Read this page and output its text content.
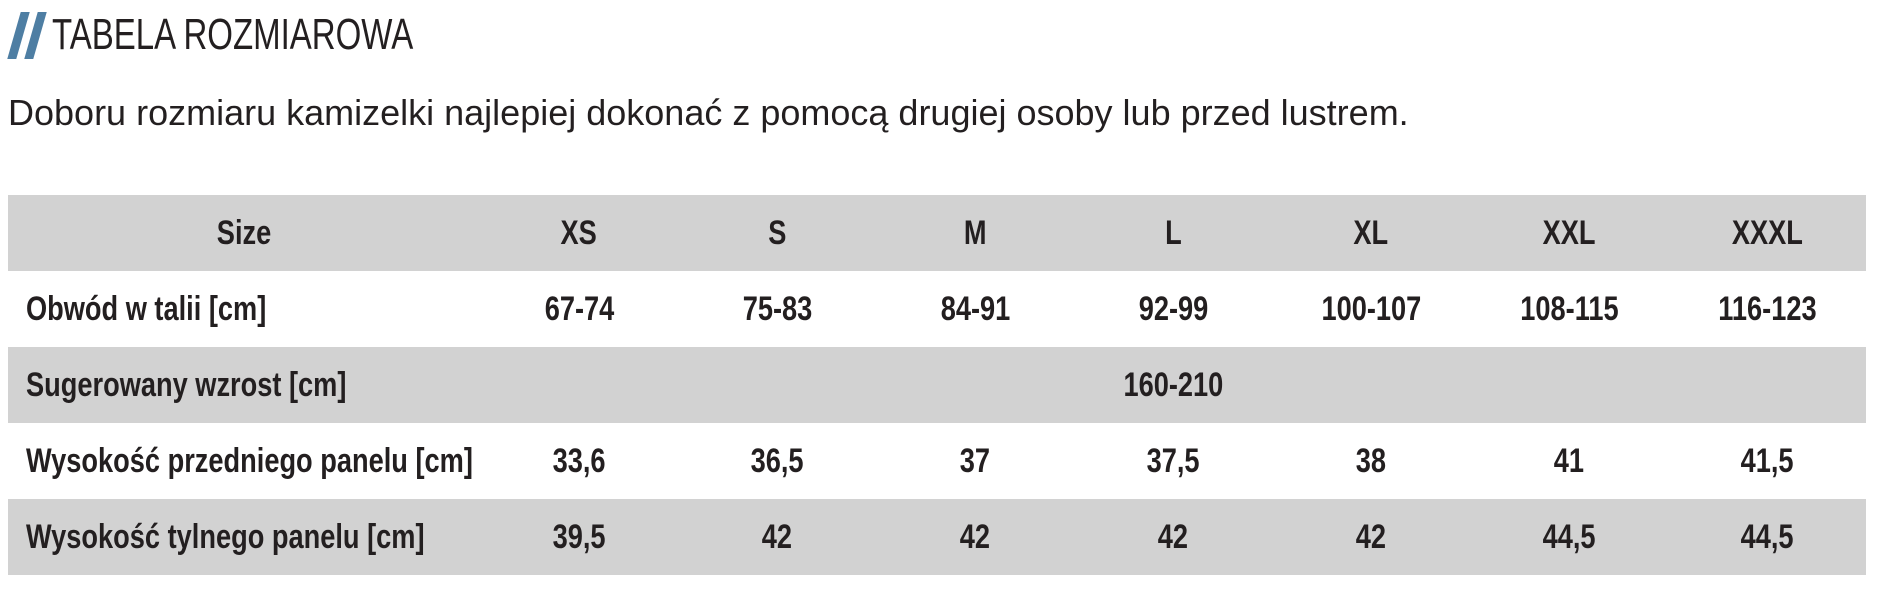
TABELA ROZMIAROWA
Doboru rozmiaru kamizelki najlepiej dokonać z pomocą drugiej osoby lub przed lustrem.
Size	XS	S	M	L	XL	XXL	XXXL
Obwód w talii [cm]	67-74	75-83	84-91	92-99	100-107	108-115	116-123
Sugerowany wzrost [cm]	160-210						
Wysokość przedniego panelu [cm]	33,6	36,5	37	37,5	38	41	41,5
Wysokość tylnego panelu [cm]	39,5	42	42	42	42	44,5	44,5
